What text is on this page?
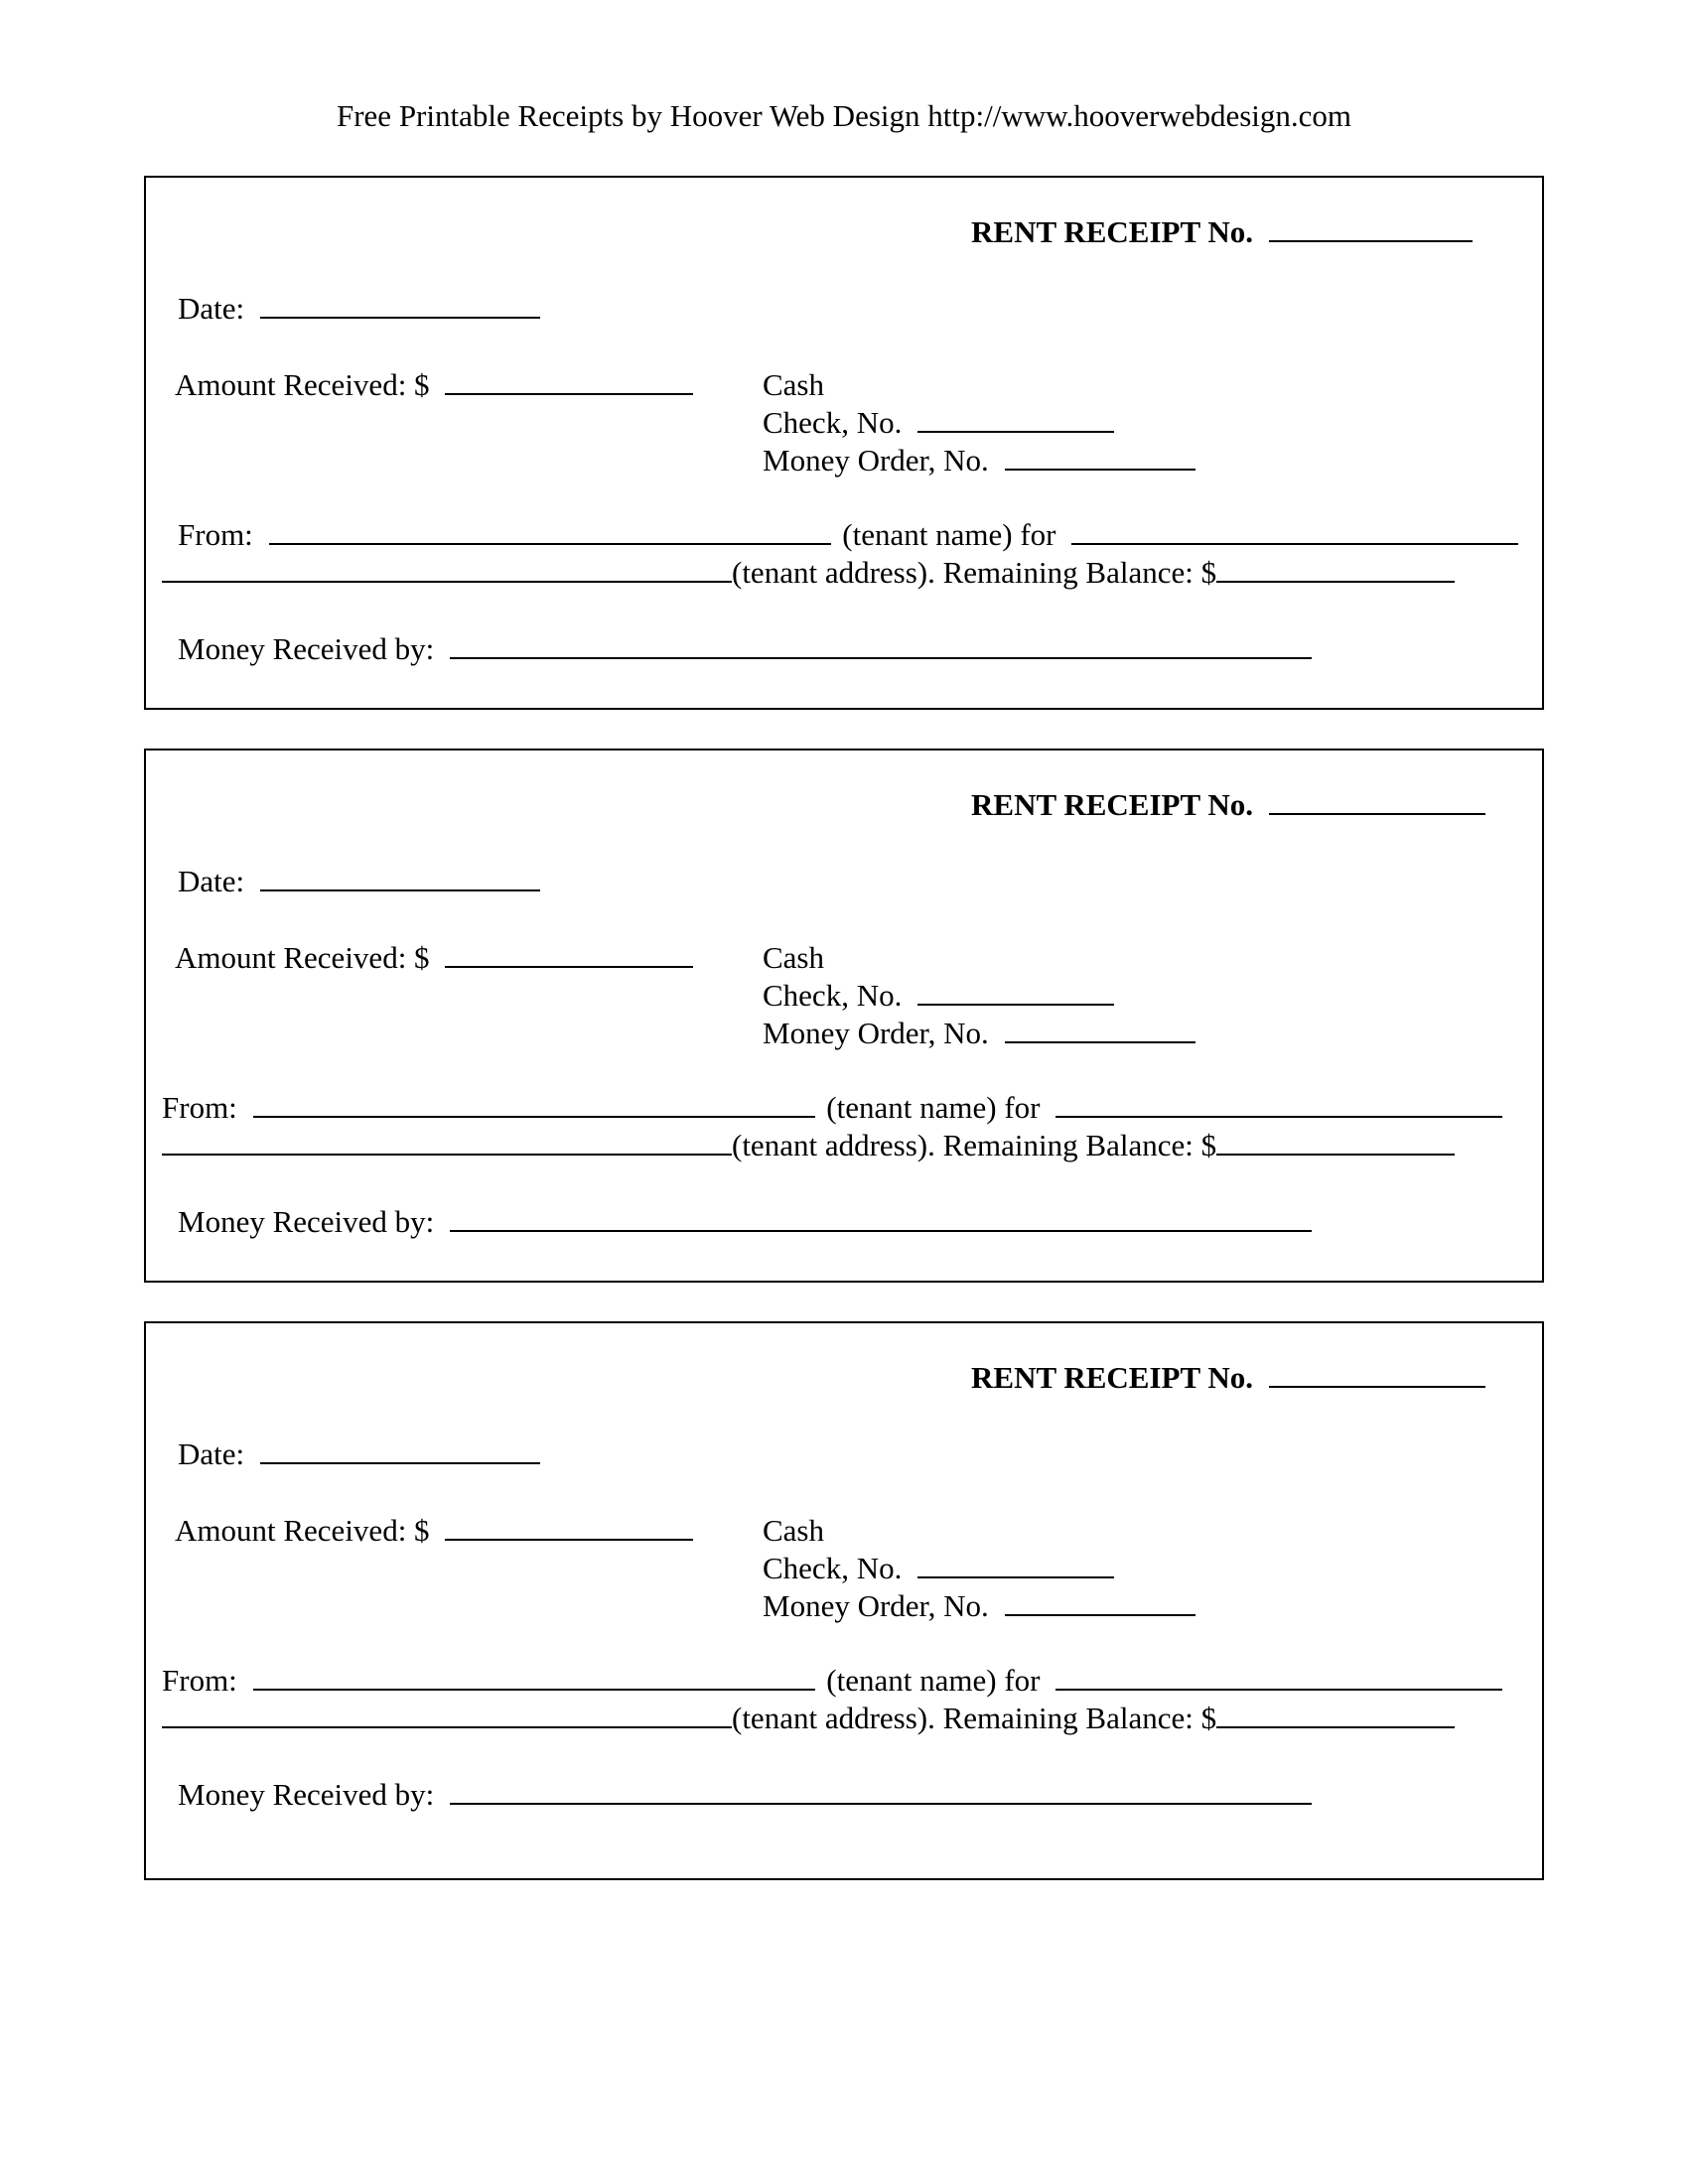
Free Printable Receipts by Hoover Web Design http://www.hooverwebdesign.com
RENT RECEIPT No.
Date:
Amount Received: $	Cash
Check, No.
Money Order, No.
From:	(tenant name) for
(tenant address). Remaining Balance: $
Money Received by:
RENT RECEIPT No.
Date:
Amount Received: $	Cash
Check, No.
Money Order, No.
From:	(tenant name) for
(tenant address). Remaining Balance: $
Money Received by:
RENT RECEIPT No.
Date:
Amount Received: $	Cash
Check, No.
Money Order, No.
From:	(tenant name) for
(tenant address). Remaining Balance: $
Money Received by:
